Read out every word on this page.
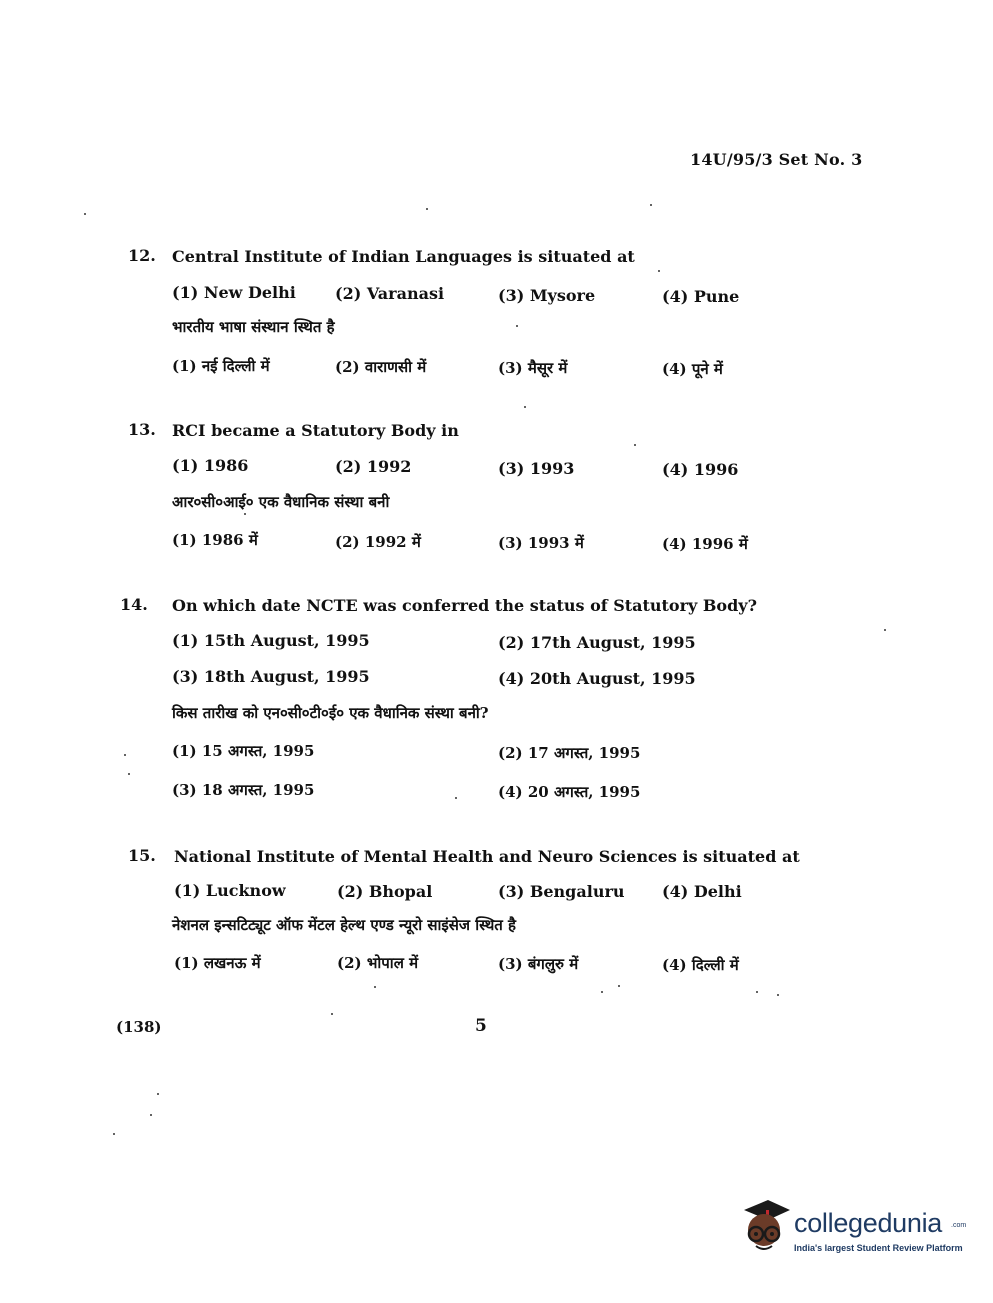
14U/95/3 Set No. 3
12. Central Institute of Indian Languages is situated at
(1) New Delhi (2) Varanasi	(3) Mysore	(4) Pune
भारतीय भाषा संस्थान स्थित है
(1) नई दिल्ली में	(2) वाराणसी में	(3) मैसूर में	(4) पूने में
13. RCI became a Statutory Body in
(1) 1986	(2) 1992	(3) 1993	(4) 1996
आर०सी०आई० एक वैधानिक संस्था बनी
(1) 1986 में	(2) 1992 में	(3) 1993 में	(4) 1996 में
14. On which date NCTE was conferred the status of Statutory Body?
(1) 15th August, 1995	(2) 17th August, 1995
(3) 18th August, 1995	(4) 20th August, 1995
किस तारीख को एन०सी०टी०ई० एक वैधानिक संस्था बनी?
(1) 15 अगस्त, 1995	(2) 17 अगस्त, 1995
(3) 18 अगस्त, 1995	(4) 20 अगस्त, 1995
15. National Institute of Mental Health and Neuro Sciences is situated at
(1) Lucknow	(2) Bhopal	(3) Bengaluru (4) Delhi
नेशनल इन्सटिट्यूट ऑफ मेंटल हेल्थ एण्ड न्यूरो साइंसेज स्थित है
(1) लखनऊ में	(2) भोपाल में	(3) बंगलुरु में	(4) दिल्ली में
(138)	5
collegedunia .com
India's largest Student Review Platform
